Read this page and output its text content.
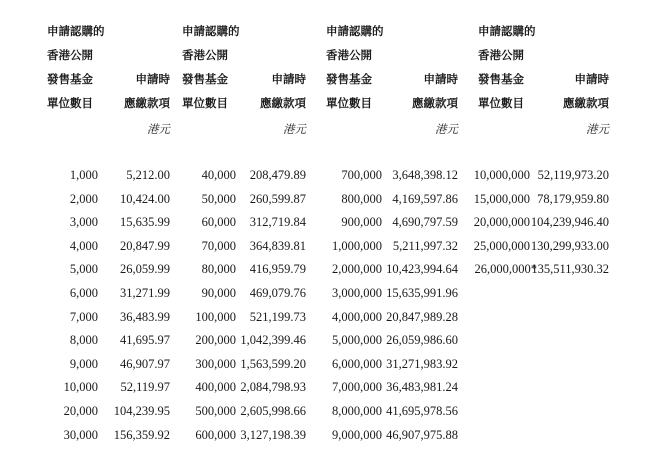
申請認購的
香港公開
發售基金
單位數目
申請時
應繳款項
港元
1,000 5,212.00
2,000 10,424.00
3,000 15,635.99
4,000 20,847.99
5,000 26,059.99
6,000 31,271.99
7,000 36,483.99
8,000 41,695.97
9,000 46,907.97
10,000 52,119.97
20,000 104,239.95
30,000 156,359.92
申請認購的
香港公開
發售基金
單位數目
申請時
應繳款項
港元
40,000 208,479.89
50,000 260,599.87
60,000 312,719.84
70,000 364,839.81
80,000 416,959.79
90,000 469,079.76
100,000 521,199.73
200,000 1,042,399.46
300,000 1,563,599.20
400,000 2,084,798.93
500,000 2,605,998.66
600,000 3,127,198.39
申請認購的
香港公開
發售基金
單位數目
申請時
應繳款項
港元
700,000 3,648,398.12
800,000 4,169,597.86
900,000 4,690,797.59
1,000,000 5,211,997.32
2,000,000 10,423,994.64
3,000,000 15,635,991.96
4,000,000 20,847,989.28
5,000,000 26,059,986.60
6,000,000 31,271,983.92
7,000,000 36,483,981.24
8,000,000 41,695,978.56
9,000,000 46,907,975.88
申請認購的
香港公開
發售基金
單位數目
申請時
應繳款項
港元
10,000,000 52,119,973.20
15,000,000 78,179,959.80
20,000,000 104,239,946.40
25,000,000 130,299,933.00
26,000,000*
135,511,930.32
